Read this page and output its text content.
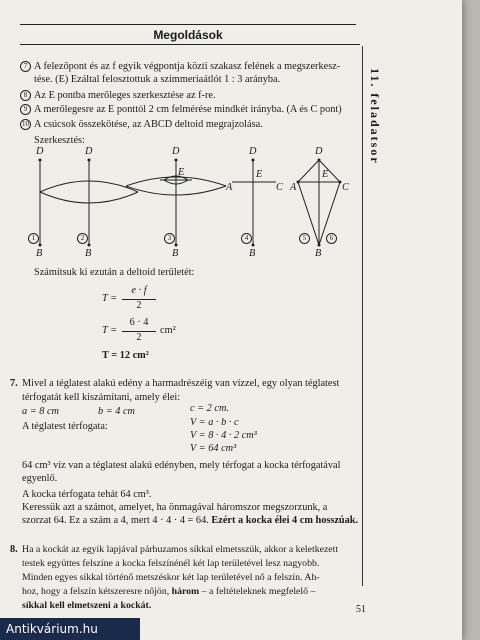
Megoldások
11. feladatsor
7 A felezőpont és az f egyik végpontja közti szakasz felének a megszerkesz-
tése. (E) Ezáltal felosztottuk a szimmeriaátlót 1 : 3 arányba.
8 Az E pontba merőleges szerkesztése az f-re.
9 A merőlegesre az E ponttól 2 cm felmérése mindkét irányba. (A és C pont)
10 A csúcsok összekötése, az ABCD deltoid megrajzolása.
Szerkesztés:
D
B
D
B
D
E
B
D
E
A	C
B
D
E
A	C
B
1	2	3	4	5	6
Számítsuk ki ezután a deltoid területét:
T =
e · f
2
T =
6 · 4
2
cm²
T = 12 cm²
7. Mivel a téglatest alakú edény a harmadrészéig van vízzel, egy olyan téglatest
térfogatát kell kiszámítani, amely élei:
a = 8 cm	b = 4 cm	c = 2 cm.
A téglatest térfogata:	V = a · b · c
V = 8 · 4 · 2 cm³
V = 64 cm³
64 cm³ víz van a téglatest alakú edényben, mely térfogat a kocka térfogatával
egyenlő.
A kocka térfogata tehát 64 cm³.
Keressük azt a számot, amelyet, ha önmagával háromszor megszorzunk, a
szorzat 64. Ez a szám a 4, mert 4 · 4 · 4 = 64. Ezért a kocka élei 4 cm hosszúak.
8. Ha a kockát az egyik lapjával párhuzamos síkkal elmetsszük, akkor a keletkezett
testek együttes felszíne a kocka felszínénél két lap területével lesz nagyobb.
Minden egyes síkkal történő metszéskor két lap területével nő a felszín. Ah-
hoz, hogy a felszín kétszeresre nőjön, három – a feltételeknek megfelelő –
síkkal kell elmetszeni a kockát.	51
Antikvárium.hu
